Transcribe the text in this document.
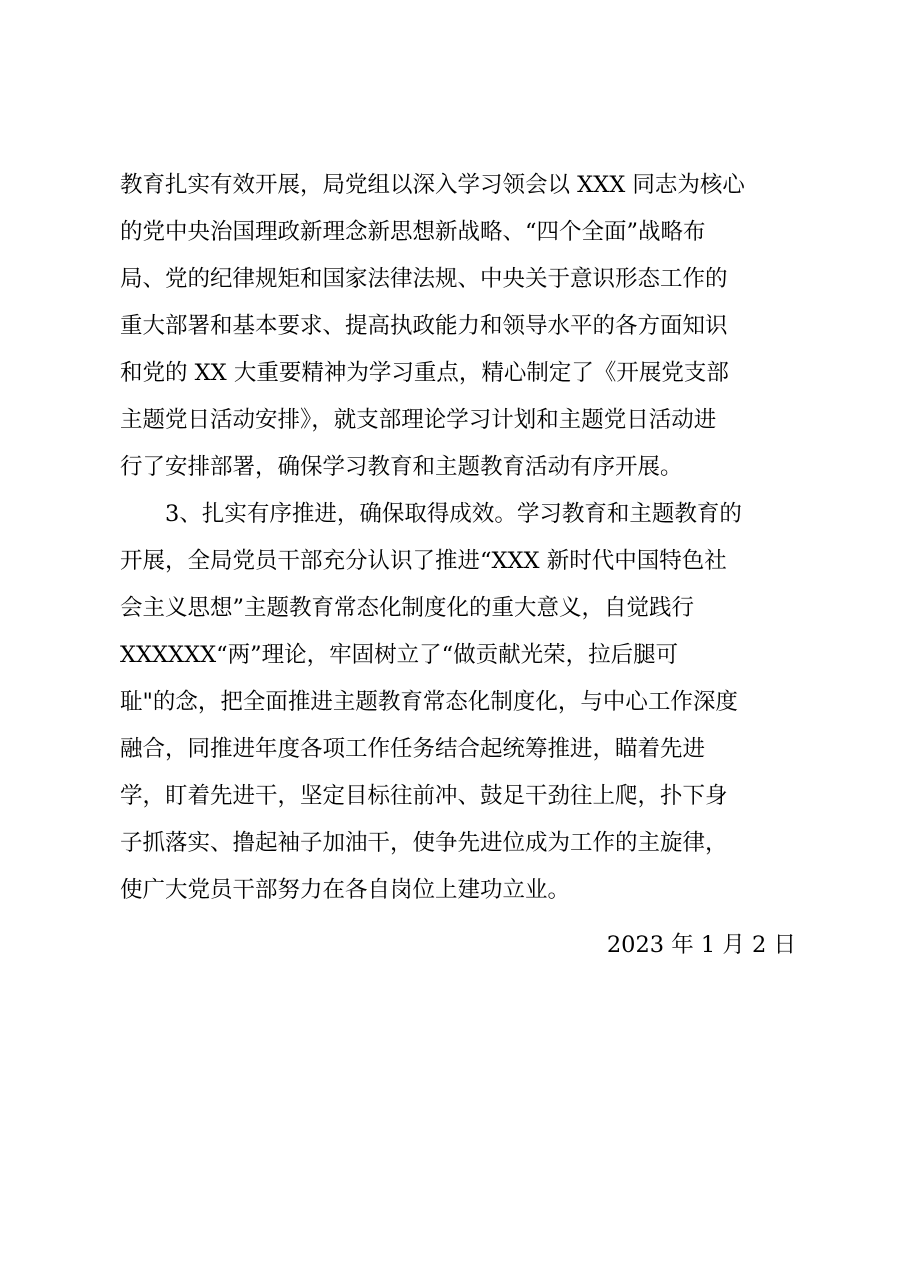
教育扎实有效开展，局党组以深入学习领会以 XXX 同志为核心
的党中央治国理政新理念新思想新战略、“四个全面”战略布
局、党的纪律规矩和国家法律法规、中央关于意识形态工作的
重大部署和基本要求、提高执政能力和领导水平的各方面知识
和党的 XX 大重要精神为学习重点，精心制定了《开展党支部
主题党日活动安排》，就支部理论学习计划和主题党日活动进
行了安排部署，确保学习教育和主题教育活动有序开展。
3、扎实有序推进，确保取得成效。学习教育和主题教育的
开展，全局党员干部充分认识了推进“XXX 新时代中国特色社
会主义思想”主题教育常态化制度化的重大意义，自觉践行
XXXXXX“两”理论，牢固树立了“做贡献光荣，拉后腿可
耻"的念，把全面推进主题教育常态化制度化，与中心工作深度
融合，同推进年度各项工作任务结合起统筹推进，瞄着先进
学，盯着先进干，坚定目标往前冲、鼓足干劲往上爬，扑下身
子抓落实、撸起袖子加油干，使争先进位成为工作的主旋律，
使广大党员干部努力在各自岗位上建功立业。
2023 年 1 月 2 日
